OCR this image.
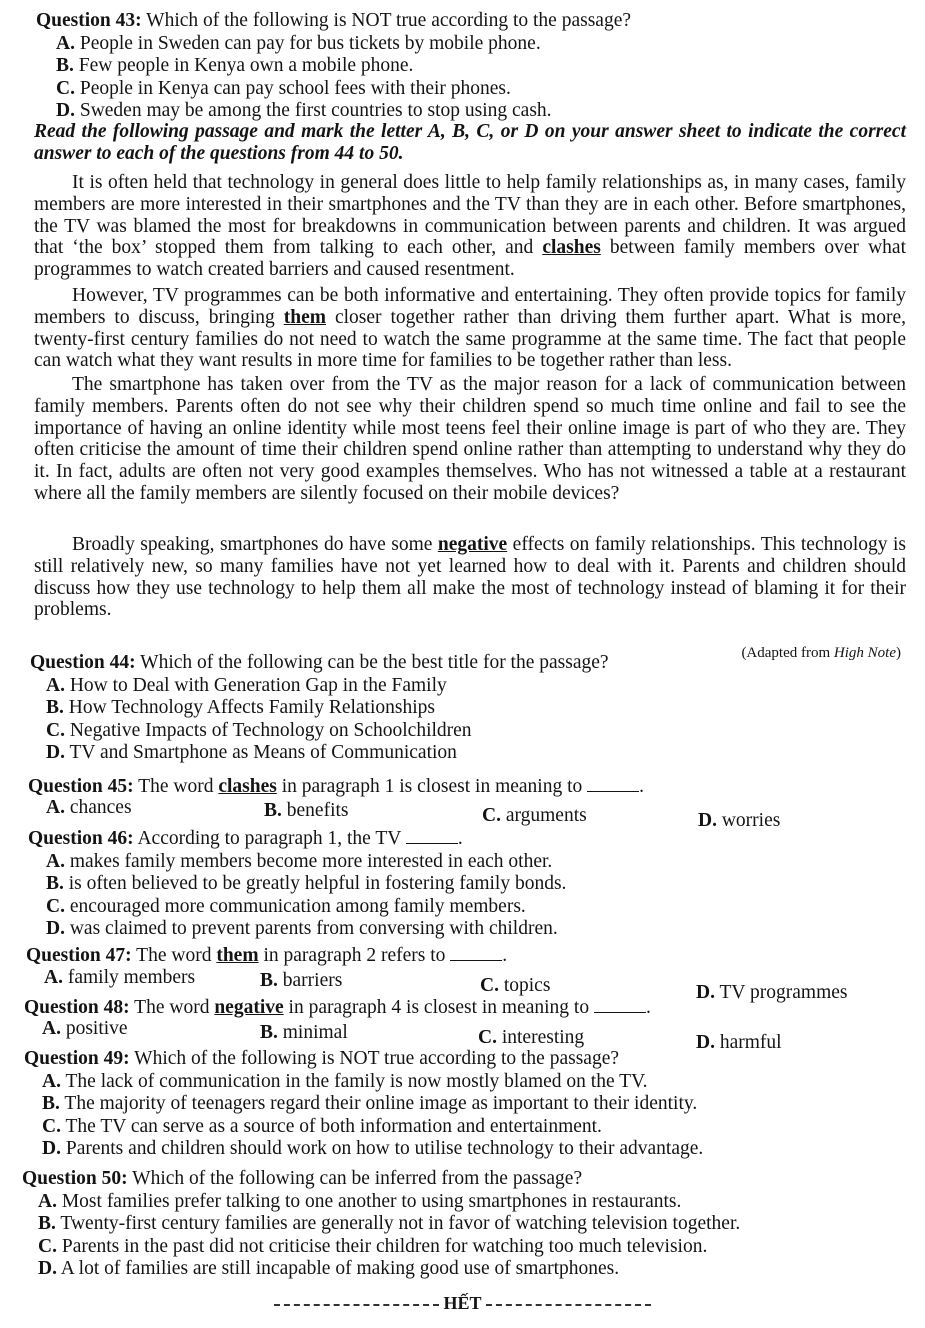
Question 43: Which of the following is NOT true according to the passage?
A. People in Sweden can pay for bus tickets by mobile phone.
B. Few people in Kenya own a mobile phone.
C. People in Kenya can pay school fees with their phones.
D. Sweden may be among the first countries to stop using cash.
Read the following passage and mark the letter A, B, C, or D on your answer sheet to indicate the correct answer to each of the questions from 44 to 50.
It is often held that technology in general does little to help family relationships as, in many cases, family members are more interested in their smartphones and the TV than they are in each other. Before smartphones, the TV was blamed the most for breakdowns in communication between parents and children. It was argued that ‘the box’ stopped them from talking to each other, and clashes between family members over what programmes to watch created barriers and caused resentment.
However, TV programmes can be both informative and entertaining. They often provide topics for family members to discuss, bringing them closer together rather than driving them further apart. What is more, twenty-first century families do not need to watch the same programme at the same time. The fact that people can watch what they want results in more time for families to be together rather than less.
The smartphone has taken over from the TV as the major reason for a lack of communication between family members. Parents often do not see why their children spend so much time online and fail to see the importance of having an online identity while most teens feel their online image is part of who they are. They often criticise the amount of time their children spend online rather than attempting to understand why they do it. In fact, adults are often not very good examples themselves. Who has not witnessed a table at a restaurant where all the family members are silently focused on their mobile devices?
Broadly speaking, smartphones do have some negative effects on family relationships. This technology is still relatively new, so many families have not yet learned how to deal with it. Parents and children should discuss how they use technology to help them all make the most of technology instead of blaming it for their problems.
(Adapted from High Note)
Question 44: Which of the following can be the best title for the passage?
A. How to Deal with Generation Gap in the Family
B. How Technology Affects Family Relationships
C. Negative Impacts of Technology on Schoolchildren
D. TV and Smartphone as Means of Communication
Question 45: The word clashes in paragraph 1 is closest in meaning to	.
A. chances	B. benefits	C. arguments	D. worries
Question 46: According to paragraph 1, the TV	.
A. makes family members become more interested in each other.
B. is often believed to be greatly helpful in fostering family bonds.
C. encouraged more communication among family members.
D. was claimed to prevent parents from conversing with children.
Question 47: The word them in paragraph 2 refers to	.
A. family members	B. barriers	C. topics	D. TV programmes
Question 48: The word negative in paragraph 4 is closest in meaning to	.
A. positive	B. minimal	C. interesting	D. harmful
Question 49: Which of the following is NOT true according to the passage?
A. The lack of communication in the family is now mostly blamed on the TV.
B. The majority of teenagers regard their online image as important to their identity.
C. The TV can serve as a source of both information and entertainment.
D. Parents and children should work on how to utilise technology to their advantage.
Question 50: Which of the following can be inferred from the passage?
A. Most families prefer talking to one another to using smartphones in restaurants.
B. Twenty-first century families are generally not in favor of watching television together.
C. Parents in the past did not criticise their children for watching too much television.
D. A lot of families are still incapable of making good use of smartphones.
HẾT
